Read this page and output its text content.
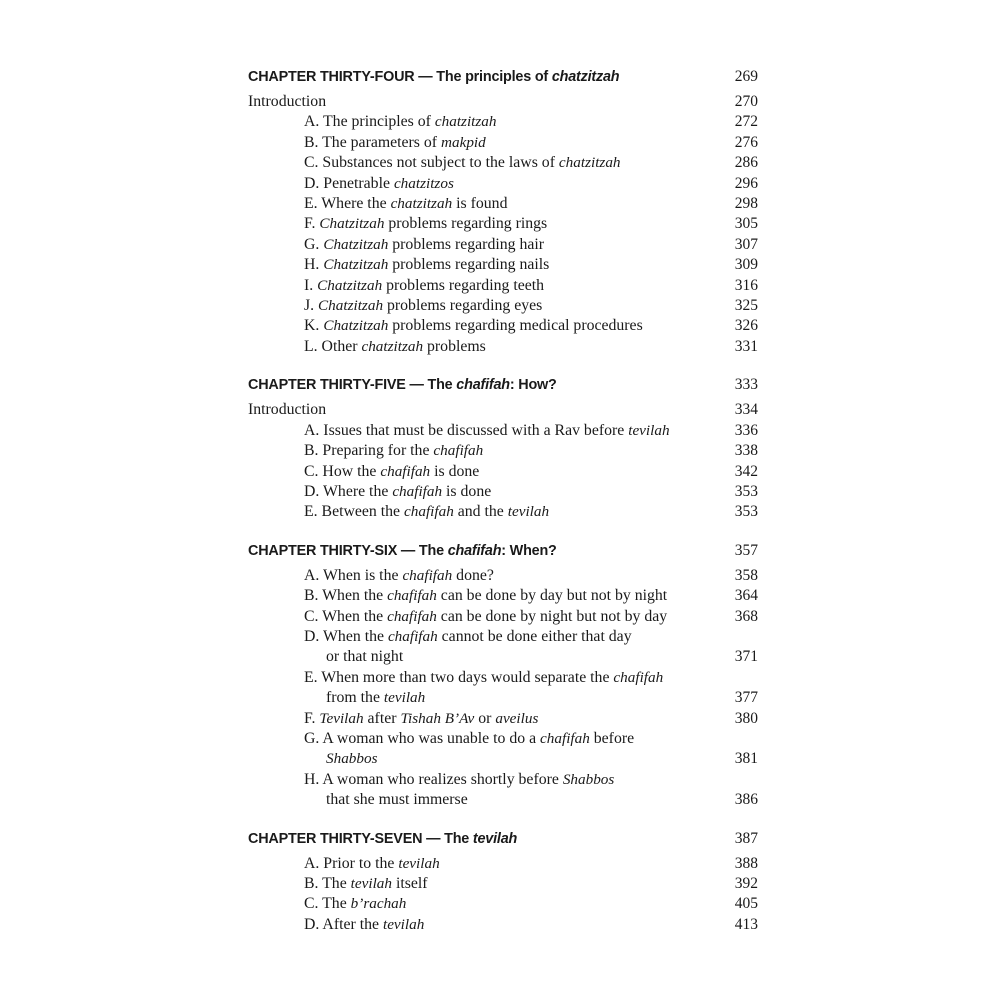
CHAPTER THIRTY-FOUR — The principles of chatzitzah	269
Introduction	270
A. The principles of chatzitzah	272
B. The parameters of makpid	276
C. Substances not subject to the laws of chatzitzah	286
D. Penetrable chatzitzos	296
E. Where the chatzitzah is found	298
F. Chatzitzah problems regarding rings	305
G. Chatzitzah problems regarding hair	307
H. Chatzitzah problems regarding nails	309
I. Chatzitzah problems regarding teeth	316
J. Chatzitzah problems regarding eyes	325
K. Chatzitzah problems regarding medical procedures	326
L. Other chatzitzah problems	331
CHAPTER THIRTY-FIVE — The chafifah: How?	333
Introduction	334
A. Issues that must be discussed with a Rav before tevilah	336
B. Preparing for the chafifah	338
C. How the chafifah is done	342
D. Where the chafifah is done	353
E. Between the chafifah and the tevilah	353
CHAPTER THIRTY-SIX — The chafifah: When?	357
A. When is the chafifah done?	358
B. When the chafifah can be done by day but not by night	364
C. When the chafifah can be done by night but not by day	368
D. When the chafifah cannot be done either that day
or that night	371
E. When more than two days would separate the chafifah
from the tevilah	377
F. Tevilah after Tishah B’Av or aveilus	380
G. A woman who was unable to do a chafifah before
Shabbos	381
H. A woman who realizes shortly before Shabbos
that she must immerse	386
CHAPTER THIRTY-SEVEN — The tevilah	387
A. Prior to the tevilah	388
B. The tevilah itself	392
C. The b’rachah	405
D. After the tevilah	413
